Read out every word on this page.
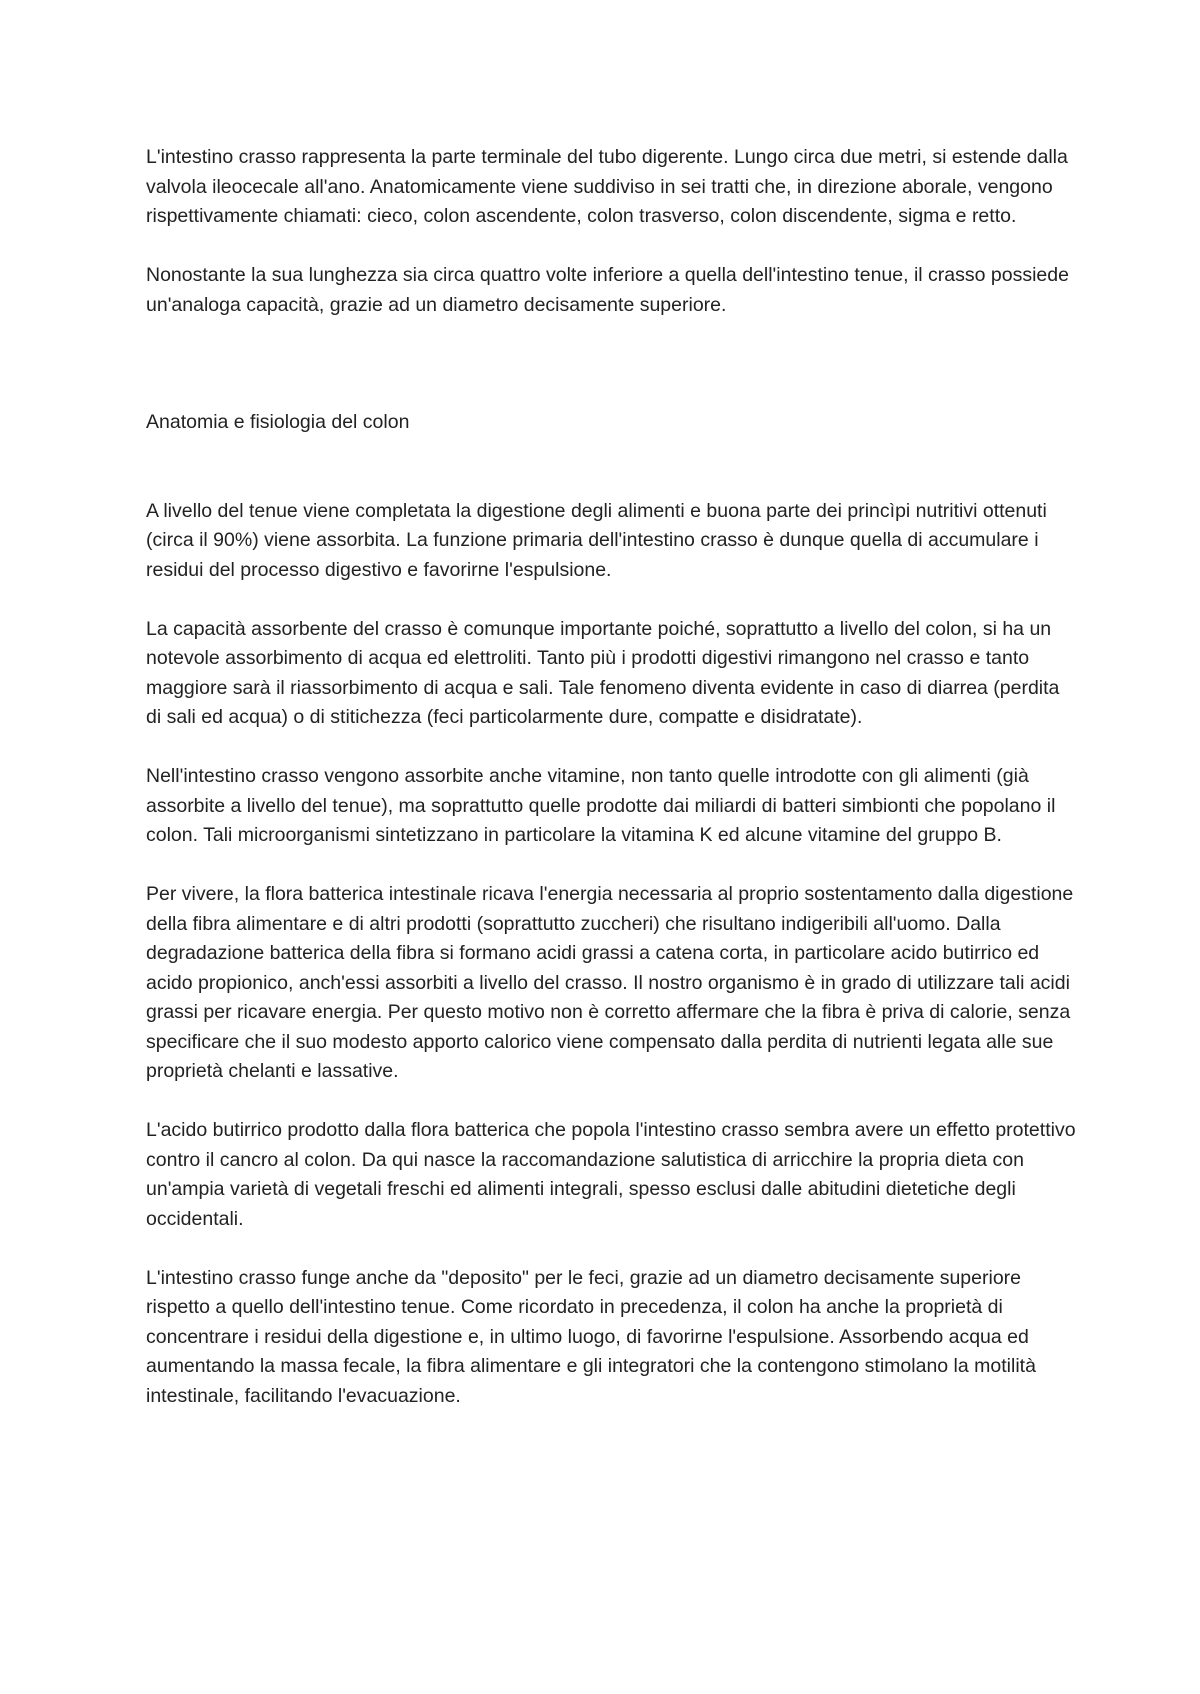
L'intestino crasso rappresenta la parte terminale del tubo digerente. Lungo circa due metri, si estende dalla valvola ileocecale all'ano. Anatomicamente viene suddiviso in sei tratti che, in direzione aborale, vengono rispettivamente chiamati: cieco, colon ascendente, colon trasverso, colon discendente, sigma e retto.

Nonostante la sua lunghezza sia circa quattro volte inferiore a quella dell'intestino tenue, il crasso possiede un'analoga capacità, grazie ad un diametro decisamente superiore.

Anatomia e fisiologia del colon

A livello del tenue viene completata la digestione degli alimenti e buona parte dei princìpi nutritivi ottenuti (circa il 90%) viene assorbita. La funzione primaria dell'intestino crasso è dunque quella di accumulare i residui del processo digestivo e favorirne l'espulsione.

La capacità assorbente del crasso è comunque importante poiché, soprattutto a livello del colon, si ha un notevole assorbimento di acqua ed elettroliti. Tanto più i prodotti digestivi rimangono nel crasso e tanto maggiore sarà il riassorbimento di acqua e sali. Tale fenomeno diventa evidente in caso di diarrea (perdita di sali ed acqua) o di stitichezza (feci particolarmente dure, compatte e disidratate).

Nell'intestino crasso vengono assorbite anche vitamine, non tanto quelle introdotte con gli alimenti (già assorbite a livello del tenue), ma soprattutto quelle prodotte dai miliardi di batteri simbionti che popolano il colon. Tali microorganismi sintetizzano in particolare la vitamina K ed alcune vitamine del gruppo B.

Per vivere, la flora batterica intestinale ricava l'energia necessaria al proprio sostentamento dalla digestione della fibra alimentare e di altri prodotti (soprattutto zuccheri) che risultano indigeribili all'uomo. Dalla degradazione batterica della fibra si formano acidi grassi a catena corta, in particolare acido butirrico ed acido propionico, anch'essi assorbiti a livello del crasso. Il nostro organismo è in grado di utilizzare tali acidi grassi per ricavare energia. Per questo motivo non è corretto affermare che la fibra è priva di calorie, senza specificare che il suo modesto apporto calorico viene compensato dalla perdita di nutrienti legata alle sue proprietà chelanti e lassative.

L'acido butirrico prodotto dalla flora batterica che popola l'intestino crasso sembra avere un effetto protettivo contro il cancro al colon. Da qui nasce la raccomandazione salutistica di arricchire la propria dieta con un'ampia varietà di vegetali freschi ed alimenti integrali, spesso esclusi dalle abitudini dietetiche degli occidentali.

L'intestino crasso funge anche da "deposito" per le feci, grazie ad un diametro decisamente superiore rispetto a quello dell'intestino tenue. Come ricordato in precedenza, il colon ha anche la proprietà di concentrare i residui della digestione e, in ultimo luogo, di favorirne l'espulsione. Assorbendo acqua ed aumentando la massa fecale, la fibra alimentare e gli integratori che la contengono stimolano la motilità intestinale, facilitando l'evacuazione.
